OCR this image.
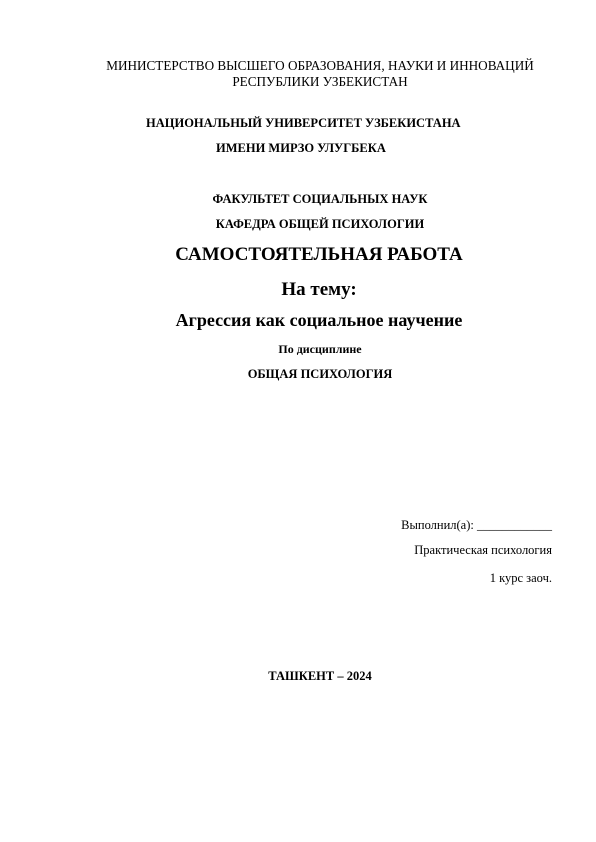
МИНИСТЕРСТВО ВЫСШЕГО ОБРАЗОВАНИЯ, НАУКИ И ИННОВАЦИЙ
РЕСПУБЛИКИ УЗБЕКИСТАН
НАЦИОНАЛЬНЫЙ УНИВЕРСИТЕТ УЗБЕКИСТАНА
ИМЕНИ МИРЗО УЛУГБЕКА
ФАКУЛЬТЕТ СОЦИАЛЬНЫХ НАУК
КАФЕДРА ОБЩЕЙ ПСИХОЛОГИИ
САМОСТОЯТЕЛЬНАЯ РАБОТА
На тему:
Агрессия как социальное научение
По дисциплине
ОБЩАЯ ПСИХОЛОГИЯ
Выполнил(а): ____________
Практическая психология
1 курс заоч.
ТАШКЕНТ – 2024
